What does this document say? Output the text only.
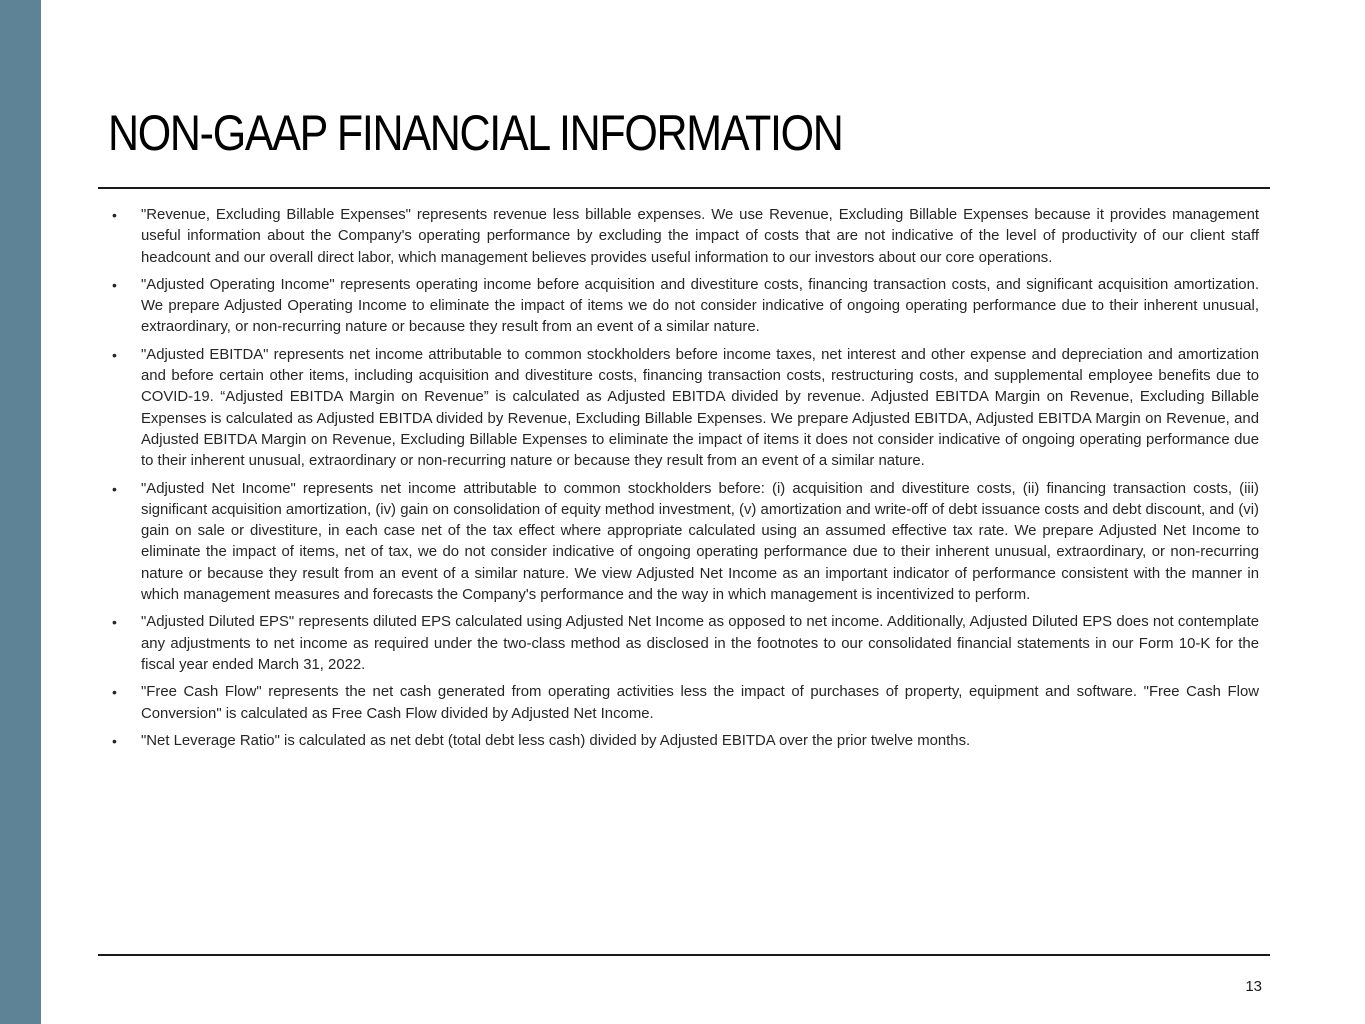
NON-GAAP FINANCIAL INFORMATION
• "Revenue, Excluding Billable Expenses" represents revenue less billable expenses. We use Revenue, Excluding Billable Expenses because it provides management useful information about the Company's operating performance by excluding the impact of costs that are not indicative of the level of productivity of our client staff headcount and our overall direct labor, which management believes provides useful information to our investors about our core operations.
• "Adjusted Operating Income" represents operating income before acquisition and divestiture costs, financing transaction costs, and significant acquisition amortization. We prepare Adjusted Operating Income to eliminate the impact of items we do not consider indicative of ongoing operating performance due to their inherent unusual, extraordinary, or non-recurring nature or because they result from an event of a similar nature.
• "Adjusted EBITDA" represents net income attributable to common stockholders before income taxes, net interest and other expense and depreciation and amortization and before certain other items, including acquisition and divestiture costs, financing transaction costs, restructuring costs, and supplemental employee benefits due to COVID-19. “Adjusted EBITDA Margin on Revenue” is calculated as Adjusted EBITDA divided by revenue. Adjusted EBITDA Margin on Revenue, Excluding Billable Expenses is calculated as Adjusted EBITDA divided by Revenue, Excluding Billable Expenses. We prepare Adjusted EBITDA, Adjusted EBITDA Margin on Revenue, and Adjusted EBITDA Margin on Revenue, Excluding Billable Expenses to eliminate the impact of items it does not consider indicative of ongoing operating performance due to their inherent unusual, extraordinary or non-recurring nature or because they result from an event of a similar nature.
• "Adjusted Net Income" represents net income attributable to common stockholders before: (i) acquisition and divestiture costs, (ii) financing transaction costs, (iii) significant acquisition amortization, (iv) gain on consolidation of equity method investment, (v) amortization and write-off of debt issuance costs and debt discount, and (vi) gain on sale or divestiture, in each case net of the tax effect where appropriate calculated using an assumed effective tax rate. We prepare Adjusted Net Income to eliminate the impact of items, net of tax, we do not consider indicative of ongoing operating performance due to their inherent unusual, extraordinary, or non-recurring nature or because they result from an event of a similar nature. We view Adjusted Net Income as an important indicator of performance consistent with the manner in which management measures and forecasts the Company's performance and the way in which management is incentivized to perform.
• "Adjusted Diluted EPS" represents diluted EPS calculated using Adjusted Net Income as opposed to net income. Additionally, Adjusted Diluted EPS does not contemplate any adjustments to net income as required under the two-class method as disclosed in the footnotes to our consolidated financial statements in our Form 10-K for the fiscal year ended March 31, 2022.
• "Free Cash Flow" represents the net cash generated from operating activities less the impact of purchases of property, equipment and software. "Free Cash Flow Conversion" is calculated as Free Cash Flow divided by Adjusted Net Income.
• "Net Leverage Ratio" is calculated as net debt (total debt less cash) divided by Adjusted EBITDA over the prior twelve months.
13
